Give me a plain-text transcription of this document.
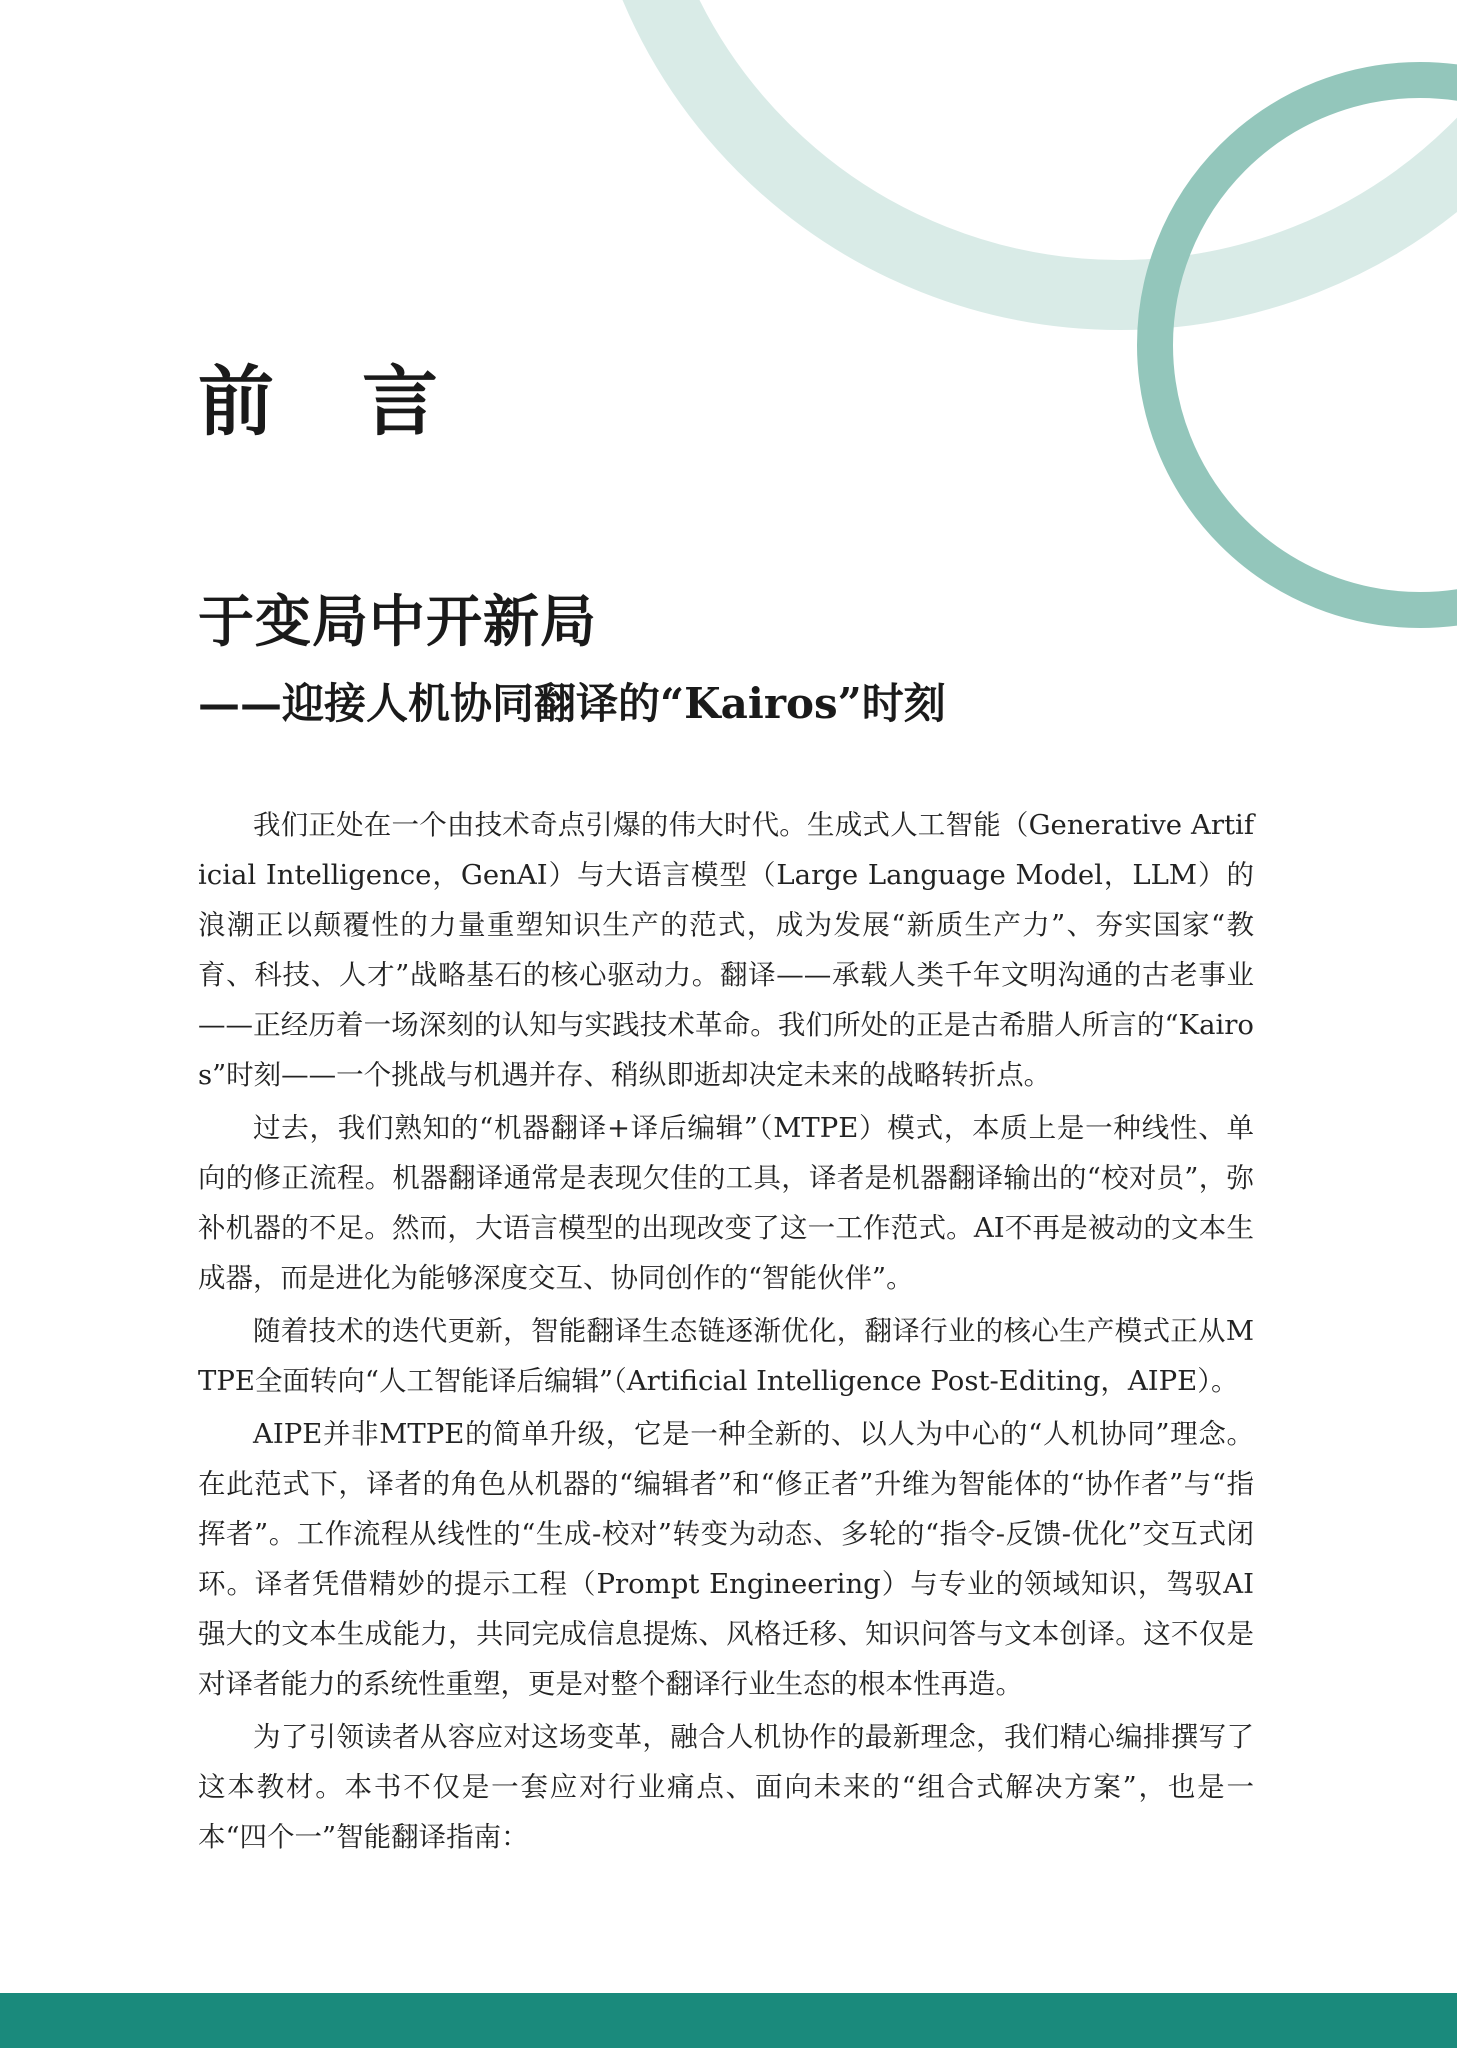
前言
于变局中开新局
——迎接人机协同翻译的“Kairos”时刻

我们正处在一个由技术奇点引爆的伟大时代。生成式人工智能（Generative Artificial Intelligence，GenAI）与大语言模型（Large Language Model，LLM）的浪潮正以颠覆性的力量重塑知识生产的范式，成为发展“新质生产力”、夯实国家“教育、科技、人才”战略基石的核心驱动力。翻译——承载人类千年文明沟通的古老事业——正经历着一场深刻的认知与实践技术革命。我们所处的正是古希腊人所言的“Kairos”时刻——一个挑战与机遇并存、稍纵即逝却决定未来的战略转折点。

过去，我们熟知的“机器翻译+译后编辑”（MTPE）模式，本质上是一种线性、单向的修正流程。机器翻译通常是表现欠佳的工具，译者是机器翻译输出的“校对员”，弥补机器的不足。然而，大语言模型的出现改变了这一工作范式。AI不再是被动的文本生成器，而是进化为能够深度交互、协同创作的“智能伙伴”。

随着技术的迭代更新，智能翻译生态链逐渐优化，翻译行业的核心生产模式正从MTPE全面转向“人工智能译后编辑”（Artificial Intelligence Post-Editing，AIPE）。

AIPE并非MTPE的简单升级，它是一种全新的、以人为中心的“人机协同”理念。在此范式下，译者的角色从机器的“编辑者”和“修正者”升维为智能体的“协作者”与“指挥者”。工作流程从线性的“生成-校对”转变为动态、多轮的“指令-反馈-优化”交互式闭环。译者凭借精妙的提示工程（Prompt Engineering）与专业的领域知识，驾驭AI强大的文本生成能力，共同完成信息提炼、风格迁移、知识问答与文本创译。这不仅是对译者能力的系统性重塑，更是对整个翻译行业生态的根本性再造。

为了引领读者从容应对这场变革，融合人机协作的最新理念，我们精心编排撰写了这本教材。本书不仅是一套应对行业痛点、面向未来的“组合式解决方案”，也是一本“四个一”智能翻译指南：
